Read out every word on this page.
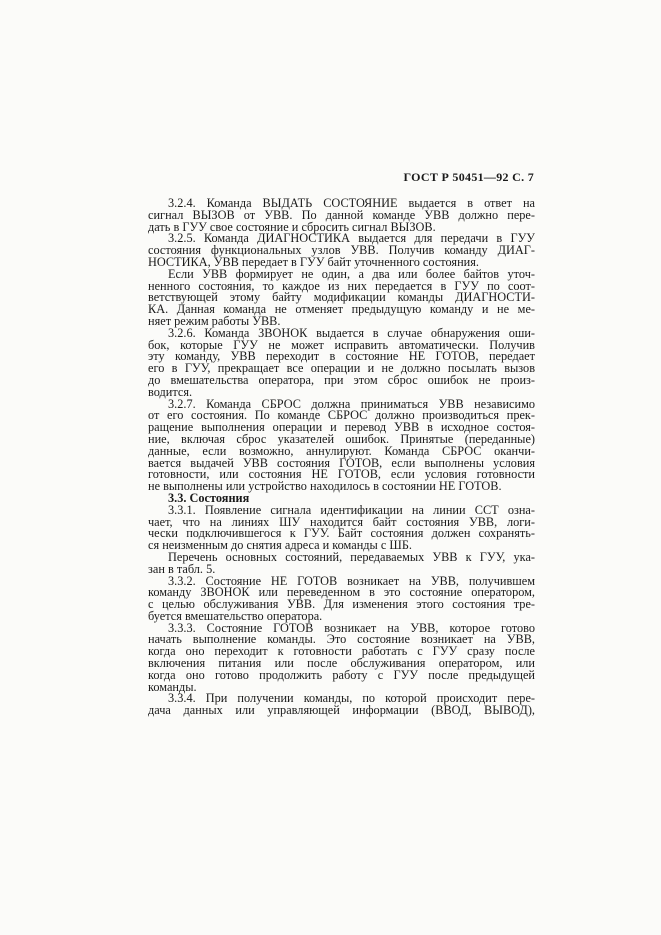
ГОСТ Р 50451—92 С. 7
3.2.4. Команда ВЫДАТЬ СОСТОЯНИЕ выдается в ответ на
сигнал ВЫЗОВ от УВВ. По данной команде УВВ должно пере-
дать в ГУУ свое состояние и сбросить сигнал ВЫЗОВ.
3.2.5. Команда ДИАГНОСТИКА выдается для передачи в ГУУ
состояния функциональных узлов УВВ. Получив команду ДИАГ-
НОСТИКА, УВВ передает в ГУУ байт уточненного состояния.
Если УВВ формирует не один, а два или более байтов уточ-
ненного состояния, то каждое из них передается в ГУУ по соот-
ветствующей этому байту модификации команды ДИАГНОСТИ-
КА. Данная команда не отменяет предыдущую команду и не ме-
няет режим работы УВВ.
3.2.6. Команда ЗВОНОК выдается в случае обнаружения оши-
бок, которые ГУУ не может исправить автоматически. Получив
эту команду, УВВ переходит в состояние НЕ ГОТОВ, передает
его в ГУУ, прекращает все операции и не должно посылать вызов
до вмешательства оператора, при этом сброс ошибок не произ-
водится.
3.2.7. Команда СБРОС должна приниматься УВВ независимо
от его состояния. По команде СБРОС должно производиться прек-
ращение выполнения операции и перевод УВВ в исходное состоя-
ние, включая сброс указателей ошибок. Принятые (переданные)
данные, если возможно, аннулируют. Команда СБРОС оканчи-
вается выдачей УВВ состояния ГОТОВ, если выполнены условия
готовности, или состояния НЕ ГОТОВ, если условия готовности
не выполнены или устройство находилось в состоянии НЕ ГОТОВ.
3.3. Состояния
3.3.1. Появление сигнала идентификации на линии ССТ озна-
чает, что на линиях ШУ находится байт состояния УВВ, логи-
чески подключившегося к ГУУ. Байт состояния должен сохранять-
ся неизменным до снятия адреса и команды с ШБ.
Перечень основных состояний, передаваемых УВВ к ГУУ, ука-
зан в табл. 5.
3.3.2. Состояние НЕ ГОТОВ возникает на УВВ, получившем
команду ЗВОНОК или переведенном в это состояние оператором,
с целью обслуживания УВВ. Для изменения этого состояния тре-
буется вмешательство оператора.
3.3.3. Состояние ГОТОВ возникает на УВВ, которое готово
начать выполнение команды. Это состояние возникает на УВВ,
когда оно переходит к готовности работать с ГУУ сразу после
включения питания или после обслуживания оператором, или
когда оно готово продолжить работу с ГУУ после предыдущей
команды.
3.3.4. При получении команды, по которой происходит пере-
дача данных или управляющей информации (ВВОД, ВЫВОД),
